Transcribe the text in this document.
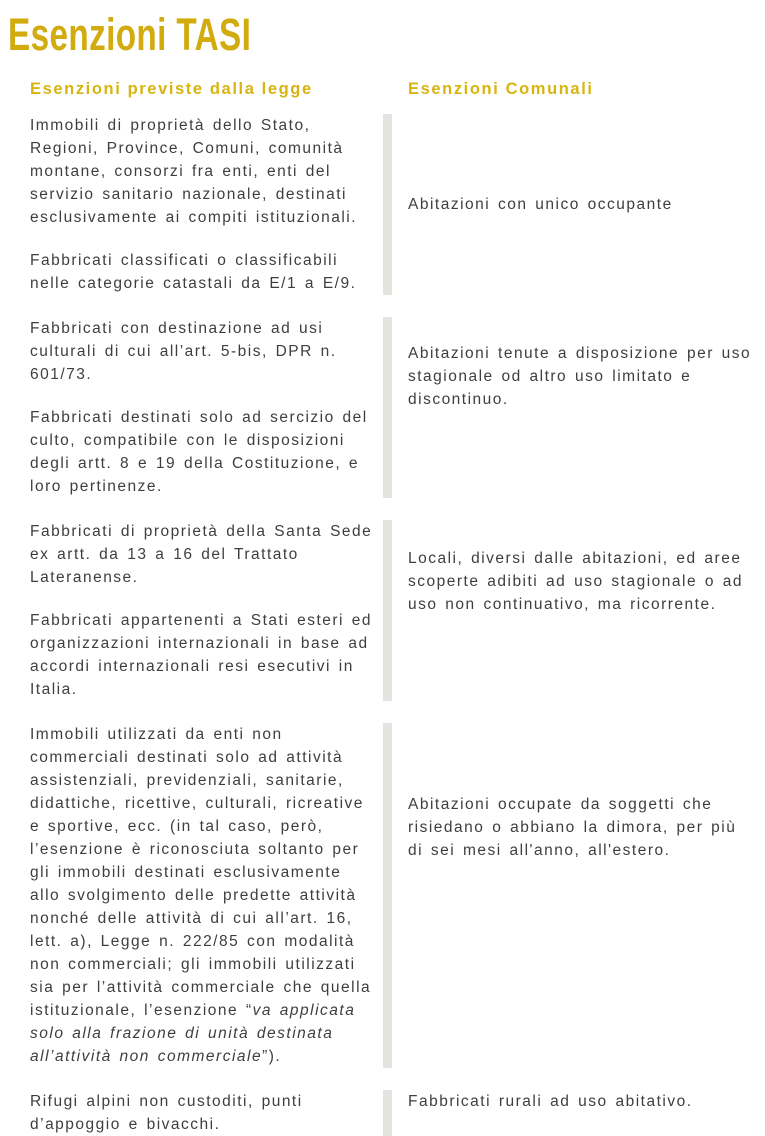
Esenzioni TASI
Esenzioni previste dalla legge	Esenzioni Comunali

Immobili di proprietà dello Stato, Regioni, Province, Comuni, comunità montane, consorzi fra enti, enti del servizio sanitario nazionale, destinati esclusivamente ai compiti istituzionali.

Fabbricati classificati o classificabili nelle categorie catastali da E/1 a E/9.

Abitazioni con unico occupante

Fabbricati con destinazione ad usi culturali di cui all’art. 5-bis, DPR n. 601/73.

Fabbricati destinati solo ad sercizio del culto, compatibile con le disposizioni degli artt. 8 e 19 della Costituzione, e loro pertinenze.

Abitazioni tenute a disposizione per uso stagionale od altro uso limitato e discontinuo.

Fabbricati di proprietà della Santa Sede ex artt. da 13 a 16 del Trattato Lateranense.

Fabbricati appartenenti a Stati esteri ed organizzazioni internazionali in base ad accordi internazionali resi esecutivi in Italia.

Locali, diversi dalle abitazioni, ed aree scoperte adibiti ad uso stagionale o ad uso non continuativo, ma ricorrente.

Immobili utilizzati da enti non commerciali destinati solo ad attività assistenziali, previdenziali, sanitarie, didattiche, ricettive, culturali, ricreative e sportive, ecc. (in tal caso, però, l’esenzione è riconosciuta soltanto per gli immobili destinati esclusivamente allo svolgimento delle predette attività nonché delle attività di cui all’art. 16, lett. a), Legge n. 222/85 con modalità non commerciali; gli immobili utilizzati sia per l’attività commerciale che quella istituzionale, l’esenzione “va applicata solo alla frazione di unità destinata all’attività non commerciale”).

Abitazioni occupate da soggetti che risiedano o abbiano la dimora, per più di sei mesi all'anno, all'estero.

Rifugi alpini non custoditi, punti d’appoggio e bivacchi.

Fabbricati rurali ad uso abitativo.
